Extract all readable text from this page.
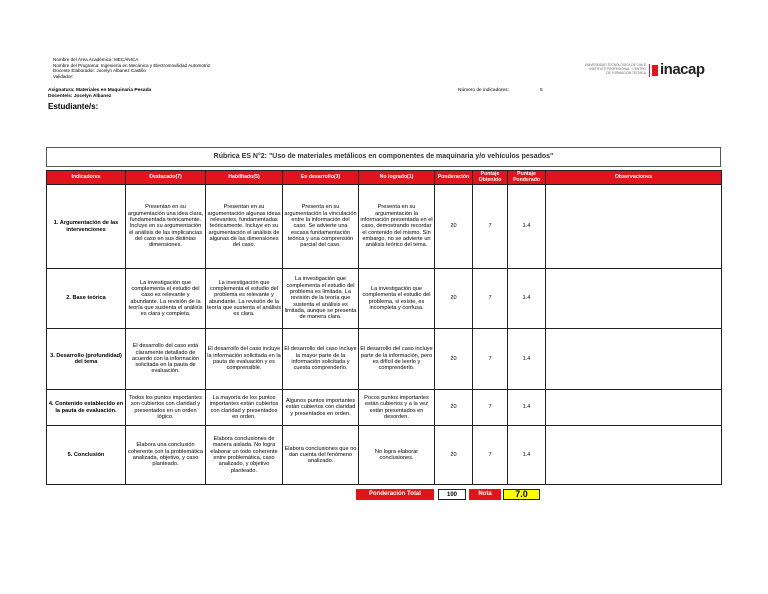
Nombre del Área Académica: MECÁNICA
Nombre del Programa: Ingeniería en Mecánica y Electromovilidad Automotriz
Docente Elaborador: Jocelyn Albanez Castillo
Validador:
UNIVERSIDAD TECNOLÓGICA DE CHILE · INSTITUTO PROFESIONAL · CENTRO DE FORMACIÓN TÉCNICA inacap
Asignatura: Materiales en Maquinaria Pesada
Docente/s: Jocelyn Albanez
Número de indicadores:	5
Estudiante/s:
Rúbrica ES N°2: "Uso de materiales metálicos en componentes de maquinaria y/o vehículos pesados"
Indicadores	Destacado(7)	Habilitado(5)	En desarrollo(3)	No logrado(1)	Ponderación	Puntaje Obtenido	Puntaje Ponderado	Observaciones
1. Argumentación de las intervenciones	Presentan en su argumentación una idea clara, fundamentada teóricamente. Incluye en su argumentación el análisis de las implicancias del caso en sus distintas dimensiones.	Presentan en su argumentación algunas ideas relevantes, fundamentadas teóricamente. Incluye en su argumentación el análisis de algunas de las dimensiones del caso.	Presenta en su argumentación la vinculación entre la información del caso. Se advierte una escasa fundamentación teórica y una comprensión parcial del caso.	Presenta en su argumentación la información presentada en el caso, demostrando recordar el contenido del mismo. Sin embargo, no se advierte un análisis teórico del tema.	20	7	1.4	
2. Base teórica	La investigación que complementa el estudio del caso es relevante y abundante. La revisión de la teoría que sustenta el análisis es clara y completa.	La investigación que complementa el estudio del problema es relevante y abundante. La revisión de la teoría que sustenta el análisis es clara.	La investigación que complementa el estudio del problema es limitada. La revisión de la teoría que sustenta el análisis es limitada, aunque se presenta de manera clara.	La investigación que complementa el estudio del problema, si existe, es incompleta y confusa.	20	7	1.4	
3. Desarrollo (profundidad) del tema	El desarrollo del caso está claramente detallado de acuerdo con la información solicitada en la pauta de evaluación.	El desarrollo del caso incluye la información solicitada en la pauta de evaluación y es comprensible.	El desarrollo del caso incluye la mayor parte de la información solicitada y cuesta comprenderlo.	El desarrollo del caso incluye parte de la información, pero es difícil de leerlo y comprenderlo.	20	7	1.4	
4. Contenido establecido en la pauta de evaluación.	Todos los puntos importantes son cubiertos con claridad y presentados en un orden lógico.	La mayoría de los puntos importantes están cubiertos con claridad y presentados en orden.	Algunos puntos importantes están cubiertos con claridad y presentados en orden.	Pocos puntos importantes están cubiertos y a la vez están presentados en desorden.	20	7	1.4	
5. Conclusión	Elabora una conclusión coherente con la problemática analizada, objetivo, y caso planteado.	Elabora conclusiones de manera aislada. No logra elaborar un todo coherente entre problemática, caso analizado, y objetivo planteado.	Elabora conclusiones que no dan cuenta del fenómeno analizado.	No logra elaborar conclusiones.	20	7	1.4	
Ponderación Total	100	Nota	7.0
